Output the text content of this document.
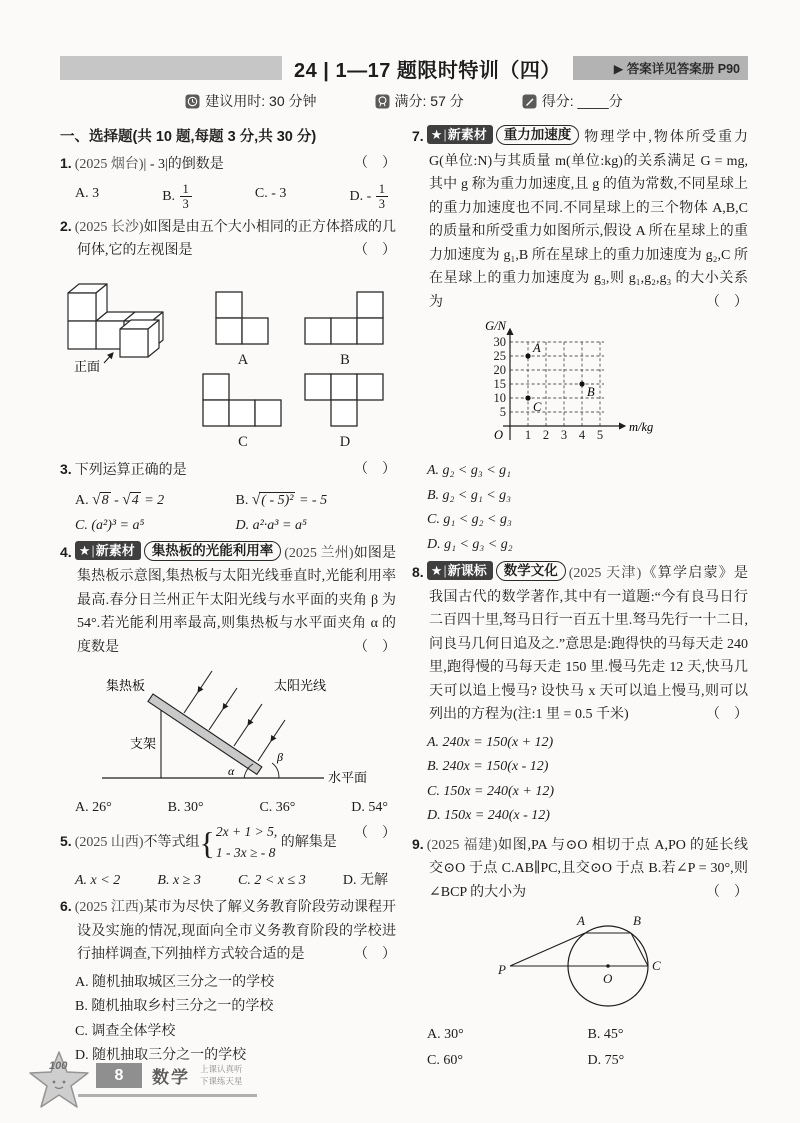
24 | 1—17 题限时特训（四）	▶ 答案详见答案册 P90
建议用时: 30 分钟	满分: 57 分	得分: ____分
一、选择题(共 10 题,每题 3 分,共 30 分)

1. (2025 烟台)| - 3|的倒数是	（　）

A. 3	B. $\frac{1}{3}$	C. - 3	D. - $\frac{1}{3}$

2. (2025 长沙)如图是由五个大小相同的正方体搭成的几何体,它的左视图是	（　）

正面	A	B
C	D

3. 下列运算正确的是	（　）

A. √8 - √4 = 2	B. √( - 5)² = - 5
C. (a²)³ = a⁵	D. a²·a³ = a⁵

4. ★|新素材 集热板的光能利用率 (2025 兰州)如图是集热板示意图,集热板与太阳光线垂直时,光能利用率最高.春分日兰州正午太阳光线与水平面的夹角 β 为 54°.若光能利用率最高,则集热板与水平面夹角 α 的度数是	（　）

集热板	太阳光线
支架
α
β
水平面
A. 26°	B. 30°	C. 36°	D. 54°

5. (2025 山西)不等式组 { 2x + 1 > 5,
1 - 3x ≥ - 8
的解集是
（　）

A. x < 2	B. x ≥ 3	C. 2 < x ≤ 3	D. 无解

6. (2025 江西)某市为尽快了解义务教育阶段劳动课程开设及实施的情况,现面向全市义务教育阶段的学校进行抽样调查,下列抽样方式较合适的是	（　）

A. 随机抽取城区三分之一的学校
B. 随机抽取乡村三分之一的学校
C. 调查全体学校
D. 随机抽取三分之一的学校

7. ★|新素材 重力加速度 物理学中,物体所受重力 G(单位:N)与其质量 m(单位:kg)的关系满足 G = mg,其中 g 称为重力加速度,且 g 的值为常数,不同星球上的重力加速度也不同.不同星球上的三个物体 A,B,C 的质量和所受重力如图所示,假设 A 所在星球上的重力加速度为 g₁,B 所在星球上的重力加速度为 g₂,C 所在星球上的重力加速度为 g₃,则 g₁,g₂,g₃ 的大小关系为	（　）

30
25
20
15
10
5
1 2 3 4 5
G/N
m/kg
O
A
B
C
A. g₂ < g₃ < g₁
B. g₂ < g₁ < g₃
C. g₁ < g₂ < g₃
D. g₁ < g₃ < g₂

8. ★|新课标 数学文化 (2025 天津)《算学启蒙》是我国古代的数学著作,其中有一道题:“今有良马日行二百四十里,驽马日行一百五十里.驽马先行一十二日,问良马几何日追及之.”意思是:跑得快的马每天走 240 里,跑得慢的马每天走 150 里.慢马先走 12 天,快马几天可以追上慢马? 设快马 x 天可以追上慢马,则可以列出的方程为(注:1 里 = 0.5 千米)	（　）

A. 240x = 150(x + 12)
B. 240x = 150(x - 12)
C. 150x = 240(x + 12)
D. 150x = 240(x - 12)

9. (2025 福建)如图,PA 与⊙O 相切于点 A,PO 的延长线交⊙O 于点 C.AB∥PC,且交⊙O 于点 B.若∠P = 30°,则∠BCP 的大小为	（　）

A	B
C
P
O
A. 30°	B. 45°
C. 60°	D. 75°
100
8	数学 上课认真听
下课练天星
